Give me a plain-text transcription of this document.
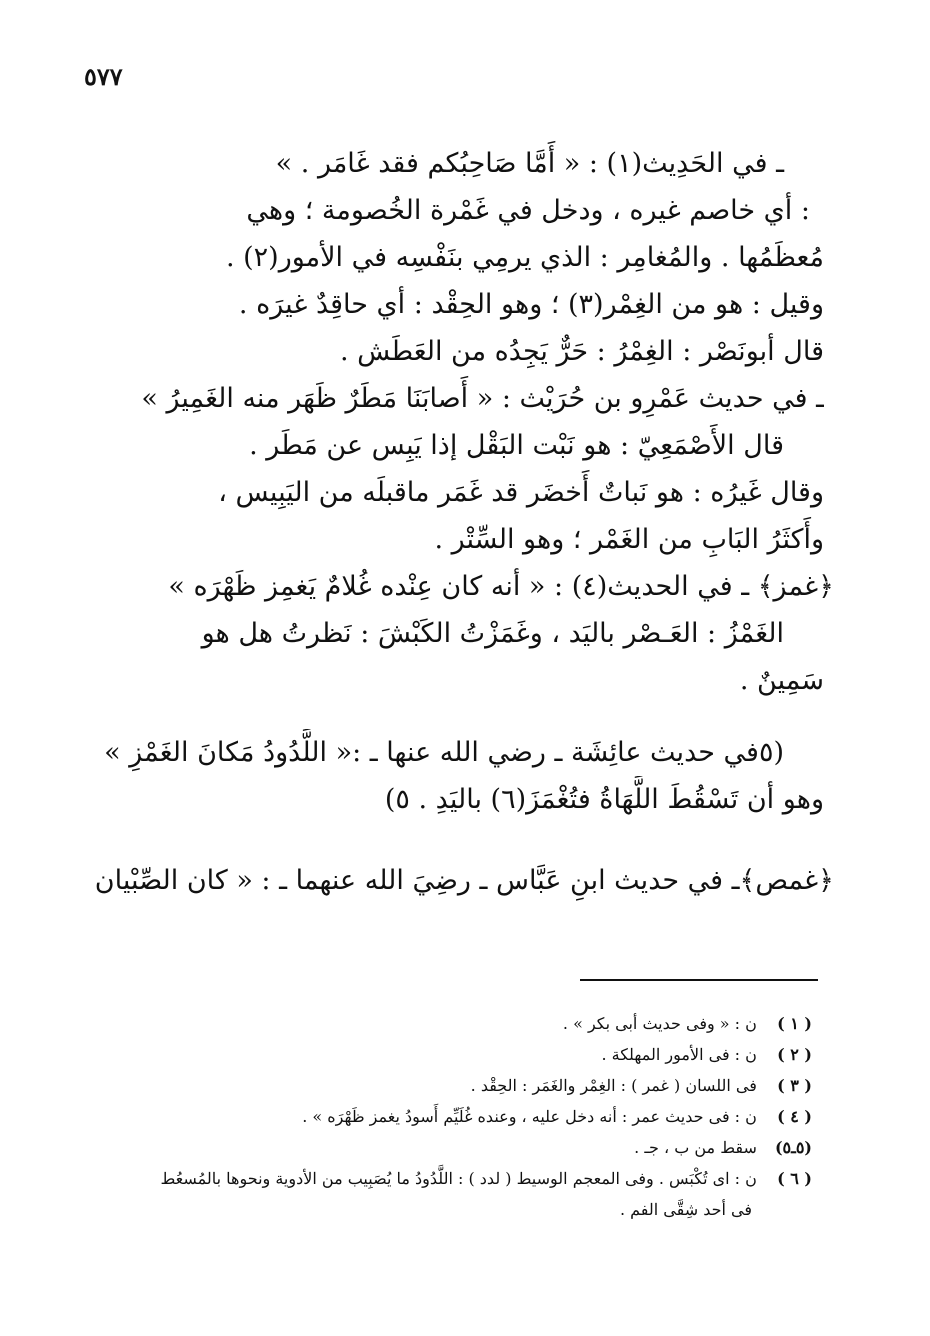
٥٧٧
ـ في الحَدِيث(١) : « أَمَّا صَاحِبُكم فقد غَامَر . »
: أي خاصم غيره ، ودخل في غَمْرة الخُصومة ؛ وهي
مُعظَمُها . والمُغامِر : الذي يرمِي بنَفْسِه في الأمور(٢) .
وقيل : هو من الغِمْر(٣) ؛ وهو الحِقْد : أي حاقِدٌ غيرَه .
قال أبونَصْر : الغِمْرُ : حَرٌّ يَجِدُه من العَطَش .
ـ في حديث عَمْرِو بن حُرَيْث : « أَصابَنَا مَطَرٌ ظَهَر منه الغَمِيرُ »
قال الأَصْمَعِيّ : هو نَبْت البَقْل إذا يَبِس عن مَطَر .
وقال غَيرُه : هو نَباتٌ أَخضَر قد غَمَر ماقبلَه من اليَبِيس ،
وأَكثَرُ البَابِ من الغَمْر ؛ وهو السِّتْر .
﴿غمز﴾ ـ في الحديث(٤) : « أنه كان عِنْده غُلامٌ يَغمِز ظَهْرَه »
الغَمْزُ : العَـصْر باليَد ، وغَمَزْتُ الكَبْشَ : نَظرتُ هل هو
سَمِينٌ .
(٥في حديث عائِشَة ـ رضي الله عنها ـ :« اللَّدُودُ مَكانَ الغَمْزِ »
وهو أن تَسْقُطَ اللَّهَاةُ فتُغْمَزَ(٦) باليَدِ . ٥)
﴿غمص﴾ـ في حديث ابنِ عَبَّاس ـ رضِيَ الله عنهما ـ : « كان الصِّبْيان
( ١ ) ن : « وفى حديث أبى بكر » .
( ٢ ) ن : فى الأمور المهلكة .
( ٣ ) فى اللسان ( غمر ) : الغِمْر والغَمَر : الحِقْد .
( ٤ ) ن : فى حديث عمر : أنه دخل عليه ، وعنده غُلَيِّم أَسودُ يغمز ظَهْرَه » .
(٥ـ٥) سقط من ب ، جـ .
( ٦ ) ن : اى تُكْبَس . وفى المعجم الوسيط ( لدد ) : اللَّدُودُ ما يُصَبِيب من الأدوية ونحوها بالمُسعُط
فى أحد شِقَّى الفم .
